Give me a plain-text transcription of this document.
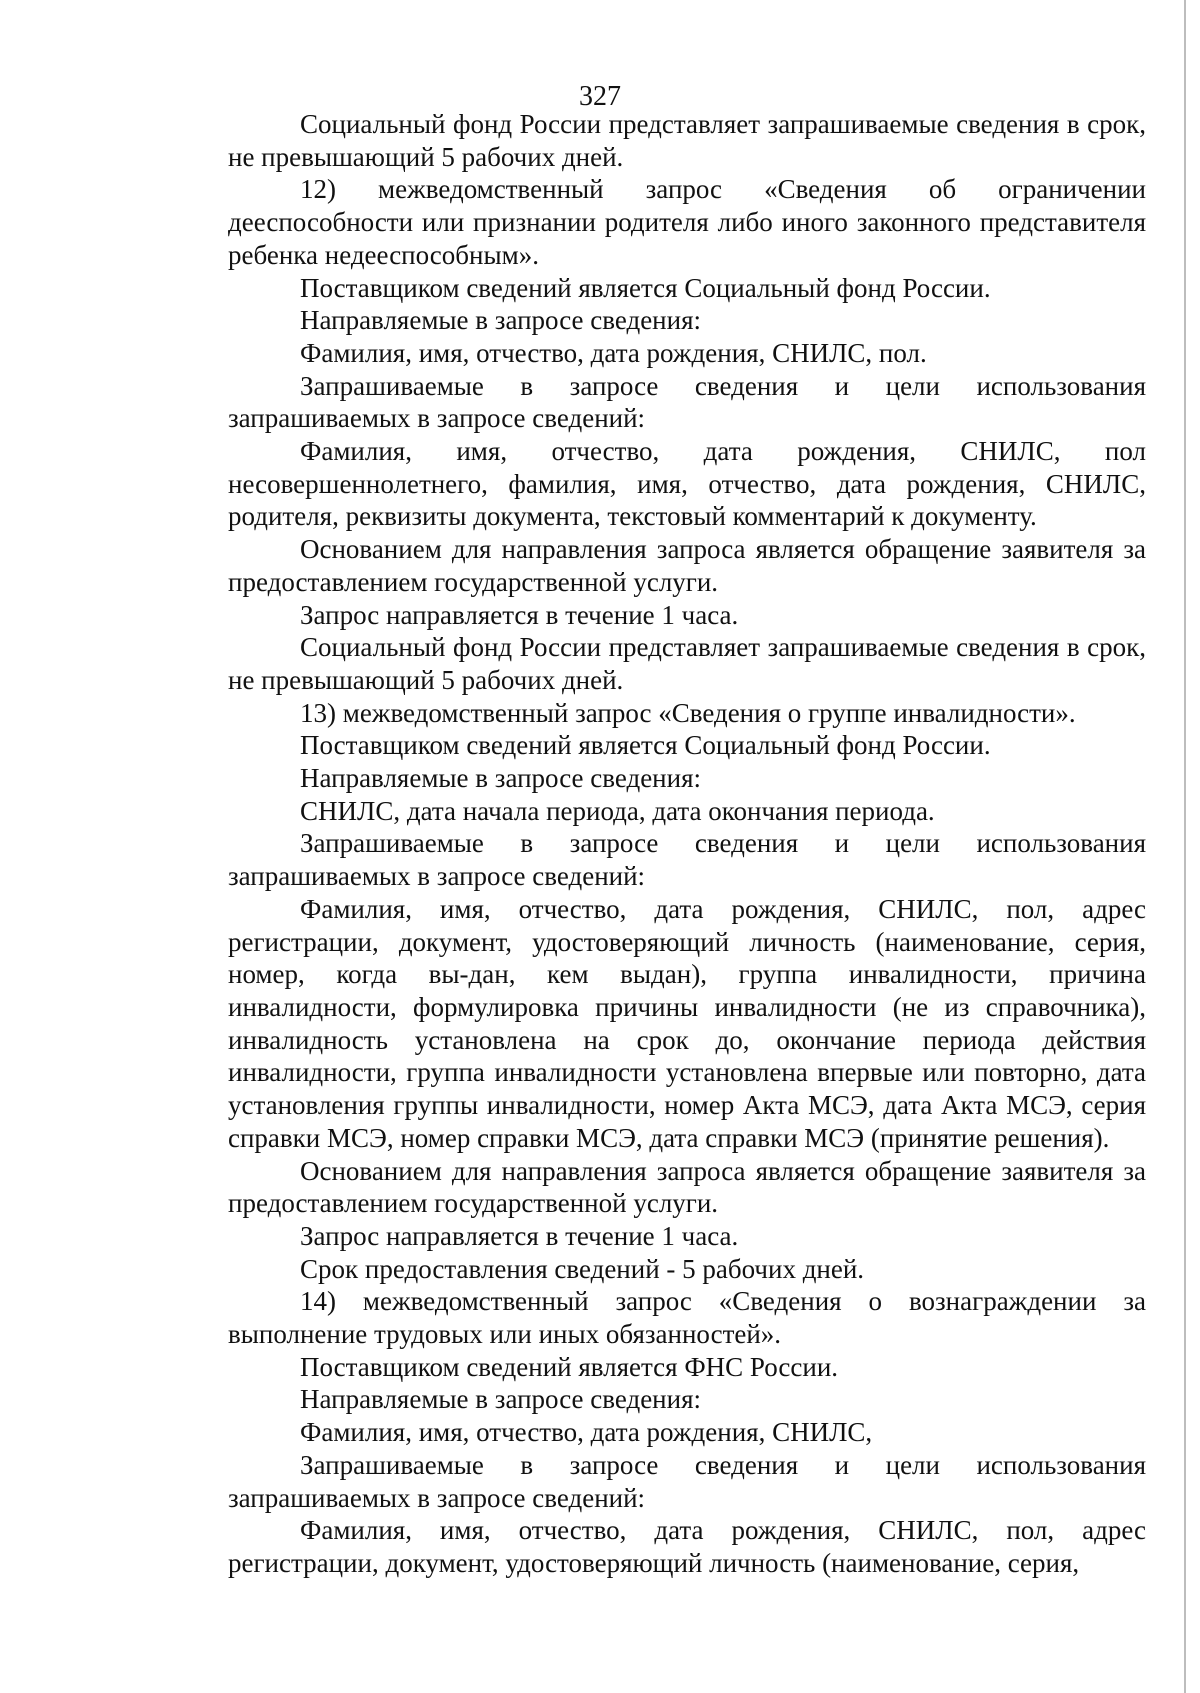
327

Социальный фонд России представляет запрашиваемые сведения в срок, не превышающий 5 рабочих дней.

12) межведомственный запрос «Сведения об ограничении дееспособности или признании родителя либо иного законного представителя ребенка недееспособным».

Поставщиком сведений является Социальный фонд России.

Направляемые в запросе сведения:

Фамилия, имя, отчество, дата рождения, СНИЛС, пол.

Запрашиваемые в запросе сведения и цели использования запрашиваемых в запросе сведений:

Фамилия, имя, отчество, дата рождения, СНИЛС, пол несовершеннолетнего, фамилия, имя, отчество, дата рождения, СНИЛС, родителя, реквизиты документа, текстовый комментарий к документу.

Основанием для направления запроса является обращение заявителя за предоставлением государственной услуги.

Запрос направляется в течение 1 часа.

Социальный фонд России представляет запрашиваемые сведения в срок, не превышающий 5 рабочих дней.

13) межведомственный запрос «Сведения о группе инвалидности».

Поставщиком сведений является Социальный фонд России.

Направляемые в запросе сведения:

СНИЛС, дата начала периода, дата окончания периода.

Запрашиваемые в запросе сведения и цели использования запрашиваемых в запросе сведений:

Фамилия, имя, отчество, дата рождения, СНИЛС, пол, адрес регистрации, документ, удостоверяющий личность (наименование, серия, номер, когда вы-дан, кем выдан), группа инвалидности, причина инвалидности, формулировка причины инвалидности (не из справочника), инвалидность установлена на срок до, окончание периода действия инвалидности, группа инвалидности установлена впервые или повторно, дата установления группы инвалидности, номер Акта МСЭ, дата Акта МСЭ, серия справки МСЭ, номер справки МСЭ, дата справки МСЭ (принятие решения).

Основанием для направления запроса является обращение заявителя за предоставлением государственной услуги.

Запрос направляется в течение 1 часа.

Срок предоставления сведений - 5 рабочих дней.

14) межведомственный запрос «Сведения о вознаграждении за выполнение трудовых или иных обязанностей».

Поставщиком сведений является ФНС России.

Направляемые в запросе сведения:

Фамилия, имя, отчество, дата рождения, СНИЛС,

Запрашиваемые в запросе сведения и цели использования запрашиваемых в запросе сведений:

Фамилия, имя, отчество, дата рождения, СНИЛС, пол, адрес регистрации, документ, удостоверяющий личность (наименование, серия,
